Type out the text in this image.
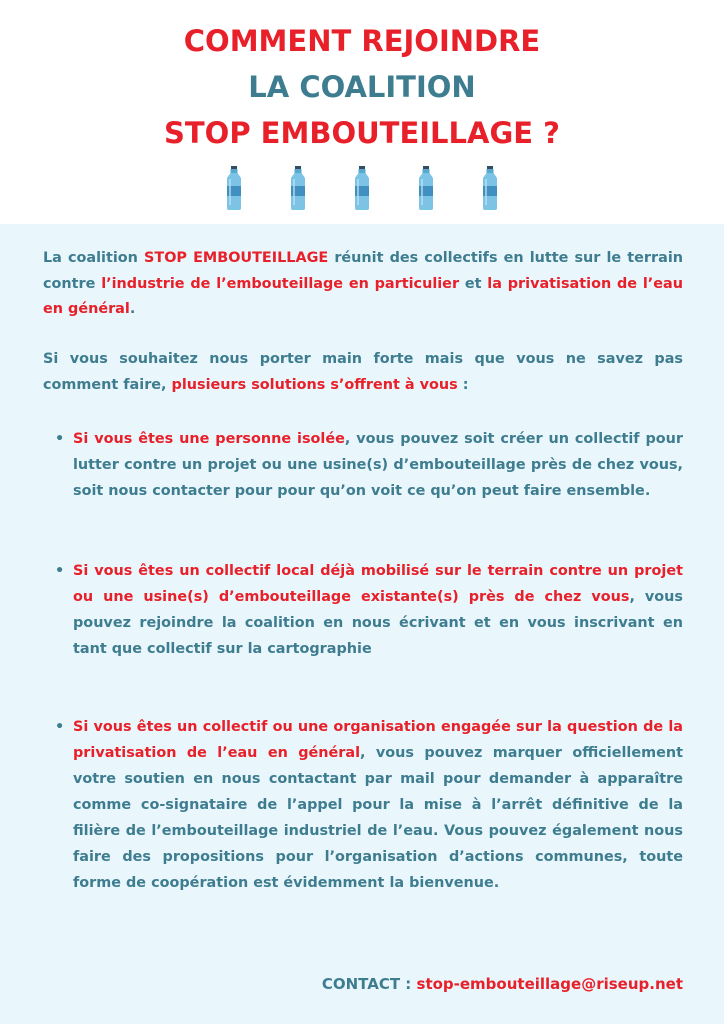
COMMENT REJOINDRE
LA COALITION
STOP EMBOUTEILLAGE ?
La coalition STOP EMBOUTEILLAGE réunit des collectifs en lutte sur le terrain contre l’industrie de l’embouteillage en particulier et la privatisation de l’eau en général.
Si vous souhaitez nous porter main forte mais que vous ne savez pas comment faire, plusieurs solutions s’offrent à vous :
• Si vous êtes une personne isolée, vous pouvez soit créer un collectif pour lutter contre un projet ou une usine(s) d’embouteillage près de chez vous, soit nous contacter pour pour qu’on voit ce qu’on peut faire ensemble.
• Si vous êtes un collectif local déjà mobilisé sur le terrain contre un projet ou une usine(s) d’embouteillage existante(s) près de chez vous, vous pouvez rejoindre la coalition en nous écrivant et en vous inscrivant en tant que collectif sur la cartographie
• Si vous êtes un collectif ou une organisation engagée sur la question de la privatisation de l’eau en général, vous pouvez marquer officiellement votre soutien en nous contactant par mail pour demander à apparaître comme co-signataire de l’appel pour la mise à l’arrêt définitive de la filière de l’embouteillage industriel de l’eau. Vous pouvez également nous faire des propositions pour l’organisation d’actions communes, toute forme de coopération est évidemment la bienvenue.
CONTACT : stop-embouteillage@riseup.net
